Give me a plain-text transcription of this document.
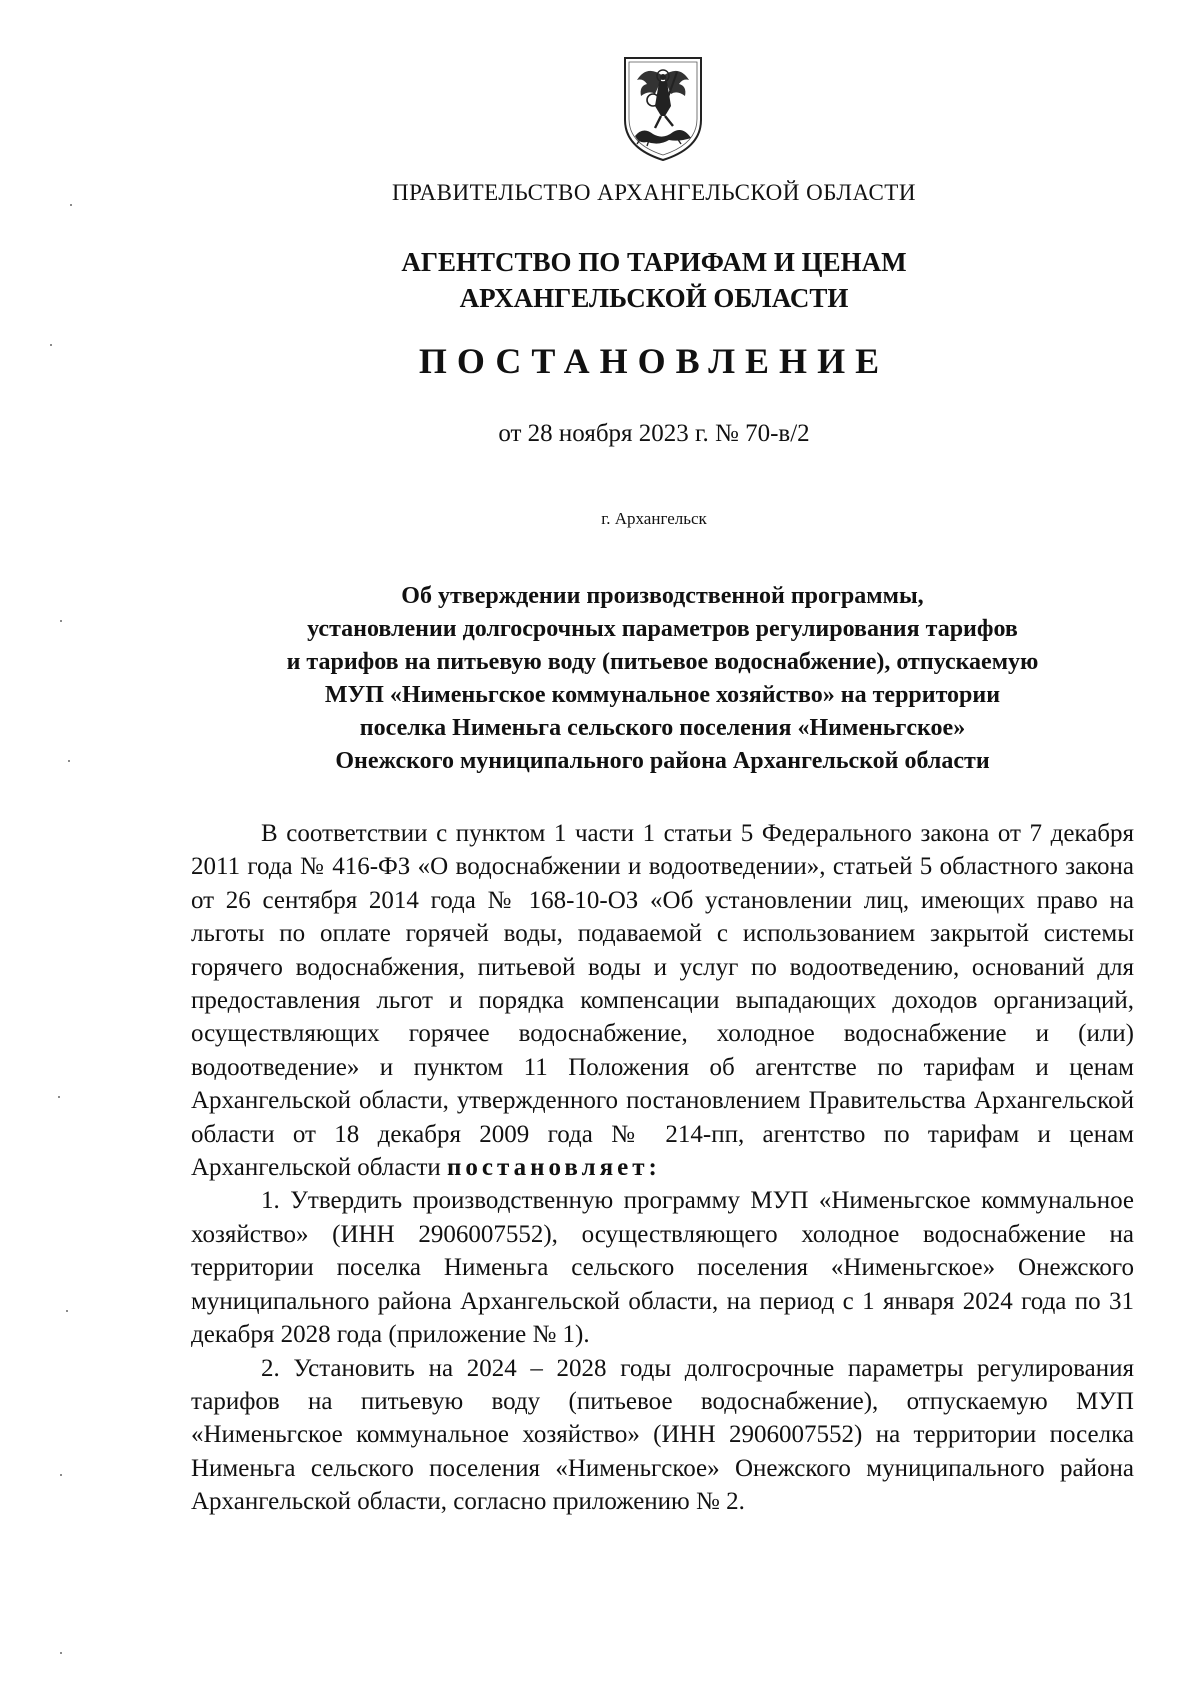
ПРАВИТЕЛЬСТВО АРХАНГЕЛЬСКОЙ ОБЛАСТИ
АГЕНТСТВО ПО ТАРИФАМ И ЦЕНАМ
АРХАНГЕЛЬСКОЙ ОБЛАСТИ
ПОСТАНОВЛЕНИЕ
от 28 ноября 2023 г. № 70-в/2
г. Архангельск
Об утверждении производственной программы,
установлении долгосрочных параметров регулирования тарифов
и тарифов на питьевую воду (питьевое водоснабжение), отпускаемую
МУП «Нименьгское коммунальное хозяйство» на территории
поселка Нименьга сельского поселения «Нименьгское»
Онежского муниципального района Архангельской области

В соответствии с пунктом 1 части 1 статьи 5 Федерального закона от 7 декабря 2011 года № 416-ФЗ «О водоснабжении и водоотведении», статьей 5 областного закона от 26 сентября 2014 года № 168-10-ОЗ «Об установлении лиц, имеющих право на льготы по оплате горячей воды, подаваемой с использованием закрытой системы горячего водоснабжения, питьевой воды и услуг по водоотведению, оснований для предоставления льгот и порядка компенсации выпадающих доходов организаций, осуществляющих горячее водоснабжение, холодное водоснабжение и (или) водоотведение» и пунктом 11 Положения об агентстве по тарифам и ценам Архангельской области, утвержденного постановлением Правительства Архангельской области от 18 декабря 2009 года № 214-пп, агентство по тарифам и ценам Архангельской области постановляет:

1. Утвердить производственную программу МУП «Нименьгское коммунальное хозяйство» (ИНН 2906007552), осуществляющего холодное водоснабжение на территории поселка Нименьга сельского поселения «Нименьгское» Онежского муниципального района Архангельской области, на период с 1 января 2024 года по 31 декабря 2028 года (приложение № 1).

2. Установить на 2024 – 2028 годы долгосрочные параметры регулирования тарифов на питьевую воду (питьевое водоснабжение), отпускаемую МУП «Нименьгское коммунальное хозяйство» (ИНН 2906007552) на территории поселка Нименьга сельского поселения «Нименьгское» Онежского муниципального района Архангельской области, согласно приложению № 2.
